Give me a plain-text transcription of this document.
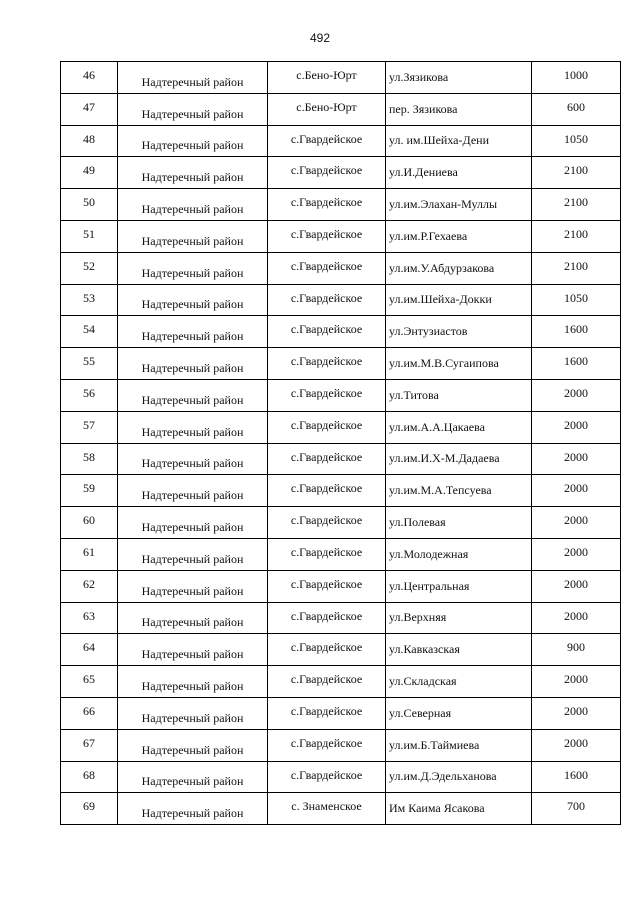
492
46	Надтеречный район	с.Бено-Юрт	ул.Зязикова	1000
47	Надтеречный район	с.Бено-Юрт	пер. Зязикова	600
48	Надтеречный район	с.Гвардейское	ул. им.Шейха-Дени	1050
49	Надтеречный район	с.Гвардейское	ул.И.Дениева	2100
50	Надтеречный район	с.Гвардейское	ул.им.Элахан-Муллы	2100
51	Надтеречный район	с.Гвардейское	ул.им.Р.Гехаева	2100
52	Надтеречный район	с.Гвардейское	ул.им.У.Абдурзакова	2100
53	Надтеречный район	с.Гвардейское	ул.им.Шейха-Докки	1050
54	Надтеречный район	с.Гвардейское	ул.Энтузиастов	1600
55	Надтеречный район	с.Гвардейское	ул.им.М.В.Сугаипова	1600
56	Надтеречный район	с.Гвардейское	ул.Титова	2000
57	Надтеречный район	с.Гвардейское	ул.им.А.А.Цакаева	2000
58	Надтеречный район	с.Гвардейское	ул.им.И.Х-М.Дадаева	2000
59	Надтеречный район	с.Гвардейское	ул.им.М.А.Тепсуева	2000
60	Надтеречный район	с.Гвардейское	ул.Полевая	2000
61	Надтеречный район	с.Гвардейское	ул.Молодежная	2000
62	Надтеречный район	с.Гвардейское	ул.Центральная	2000
63	Надтеречный район	с.Гвардейское	ул.Верхняя	2000
64	Надтеречный район	с.Гвардейское	ул.Кавказская	900
65	Надтеречный район	с.Гвардейское	ул.Складская	2000
66	Надтеречный район	с.Гвардейское	ул.Северная	2000
67	Надтеречный район	с.Гвардейское	ул.им.Б.Таймиева	2000
68	Надтеречный район	с.Гвардейское	ул.им.Д.Эдельханова	1600
69	Надтеречный район	с. Знаменское	Им Каима Ясакова	700
